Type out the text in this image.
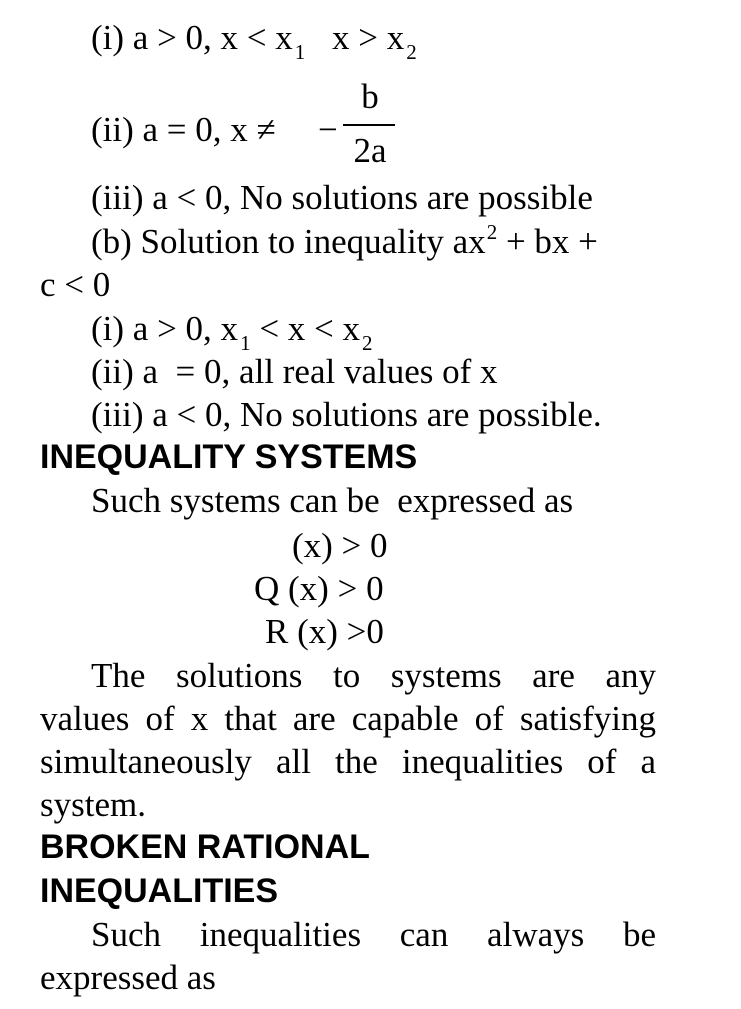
(i) a > 0, $x < x_1$ $x > x_2$
(ii) a = 0, x ≠ −
b
2a
(iii) a < 0, No solutions are possible
(b) Solution to inequality $ax^2$ + bx +
c < 0
(i) a > 0, $x_1 < x < x_2$
(ii) a  = 0, all real values of x
(iii) a < 0, No solutions are possible.
INEQUALITY SYSTEMS
Such systems can be  expressed as
(x) > 0
Q (x) > 0
R (x) >0
The solutions to systems are any
values of x that are capable of satisfying
simultaneously all the inequalities of a
system.
BROKEN RATIONAL
INEQUALITIES
Such inequalities can always be
expressed as
